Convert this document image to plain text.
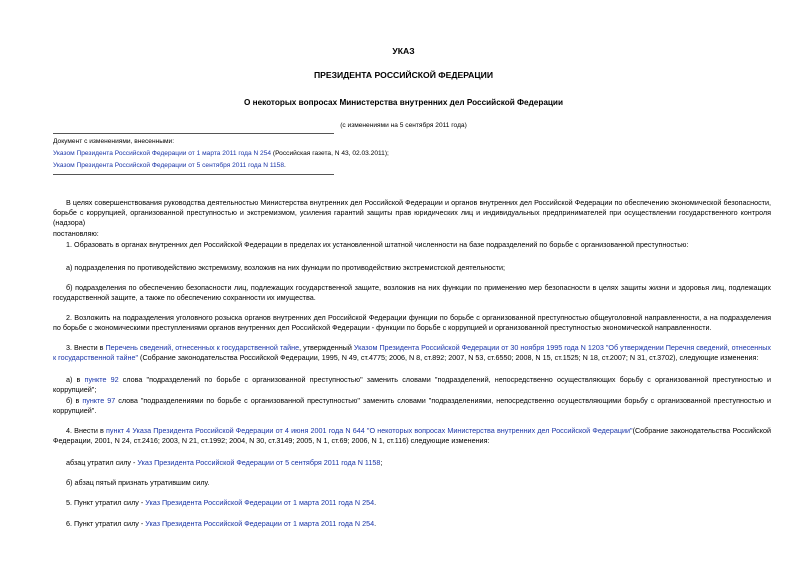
УКАЗ
ПРЕЗИДЕНТА РОССИЙСКОЙ ФЕДЕРАЦИИ
О некоторых вопросах Министерства внутренних дел Российской Федерации
(с изменениями на 5 сентября 2011 года)
Документ с изменениями, внесенными:
Указом Президента Российской Федерации от 1 марта 2011 года N 254 (Российская газета, N 43, 02.03.2011);
Указом Президента Российской Федерации от 5 сентября 2011 года N 1158.
В целях совершенствования руководства деятельностью Министерства внутренних дел Российской Федерации и органов внутренних дел Российской Федерации по обеспечению экономической безопасности, борьбе с коррупцией, организованной преступностью и экстремизмом, усиления гарантий защиты прав юридических лиц и индивидуальных предпринимателей при осуществлении государственного контроля (надзора)
постановляю:
1. Образовать в органах внутренних дел Российской Федерации в пределах их установленной штатной численности на базе подразделений по борьбе с организованной преступностью:
а) подразделения по противодействию экстремизму, возложив на них функции по противодействию экстремистской деятельности;
б) подразделения по обеспечению безопасности лиц, подлежащих государственной защите, возложив на них функции по применению мер безопасности в целях защиты жизни и здоровья лиц, подлежащих государственной защите, а также по обеспечению сохранности их имущества.
2. Возложить на подразделения уголовного розыска органов внутренних дел Российской Федерации функции по борьбе с организованной преступностью общеуголовной направленности, а на подразделения по борьбе с экономическими преступлениями органов внутренних дел Российской Федерации - функции по борьбе с коррупцией и организованной преступностью экономической направленности.
3. Внести в Перечень сведений, отнесенных к государственной тайне, утвержденный Указом Президента Российской Федерации от 30 ноября 1995 года N 1203 "Об утверждении Перечня сведений, отнесенных к государственной тайне" (Собрание законодательства Российской Федерации, 1995, N 49, ст.4775; 2006, N 8, ст.892; 2007, N 53, ст.6550; 2008, N 15, ст.1525; N 18, ст.2007; N 31, ст.3702), следующие изменения:
а) в пункте 92 слова "подразделений по борьбе с организованной преступностью" заменить словами "подразделений, непосредственно осуществляющих борьбу с организованной преступностью и коррупцией";
б) в пункте 97 слова "подразделениями по борьбе с организованной преступностью" заменить словами "подразделениями, непосредственно осуществляющими борьбу с организованной преступностью и коррупцией".
4. Внести в пункт 4 Указа Президента Российской Федерации от 4 июня 2001 года N 644 "О некоторых вопросах Министерства внутренних дел Российской Федерации"(Собрание законодательства Российской Федерации, 2001, N 24, ст.2416; 2003, N 21, ст.1992; 2004, N 30, ст.3149; 2005, N 1, ст.69; 2006, N 1, ст.116) следующие изменения:
абзац утратил силу - Указ Президента Российской Федерации от 5 сентября 2011 года N 1158;
б) абзац пятый признать утратившим силу.
5. Пункт утратил силу - Указ Президента Российской Федерации от 1 марта 2011 года N 254.
6. Пункт утратил силу - Указ Президента Российской Федерации от 1 марта 2011 года N 254.
